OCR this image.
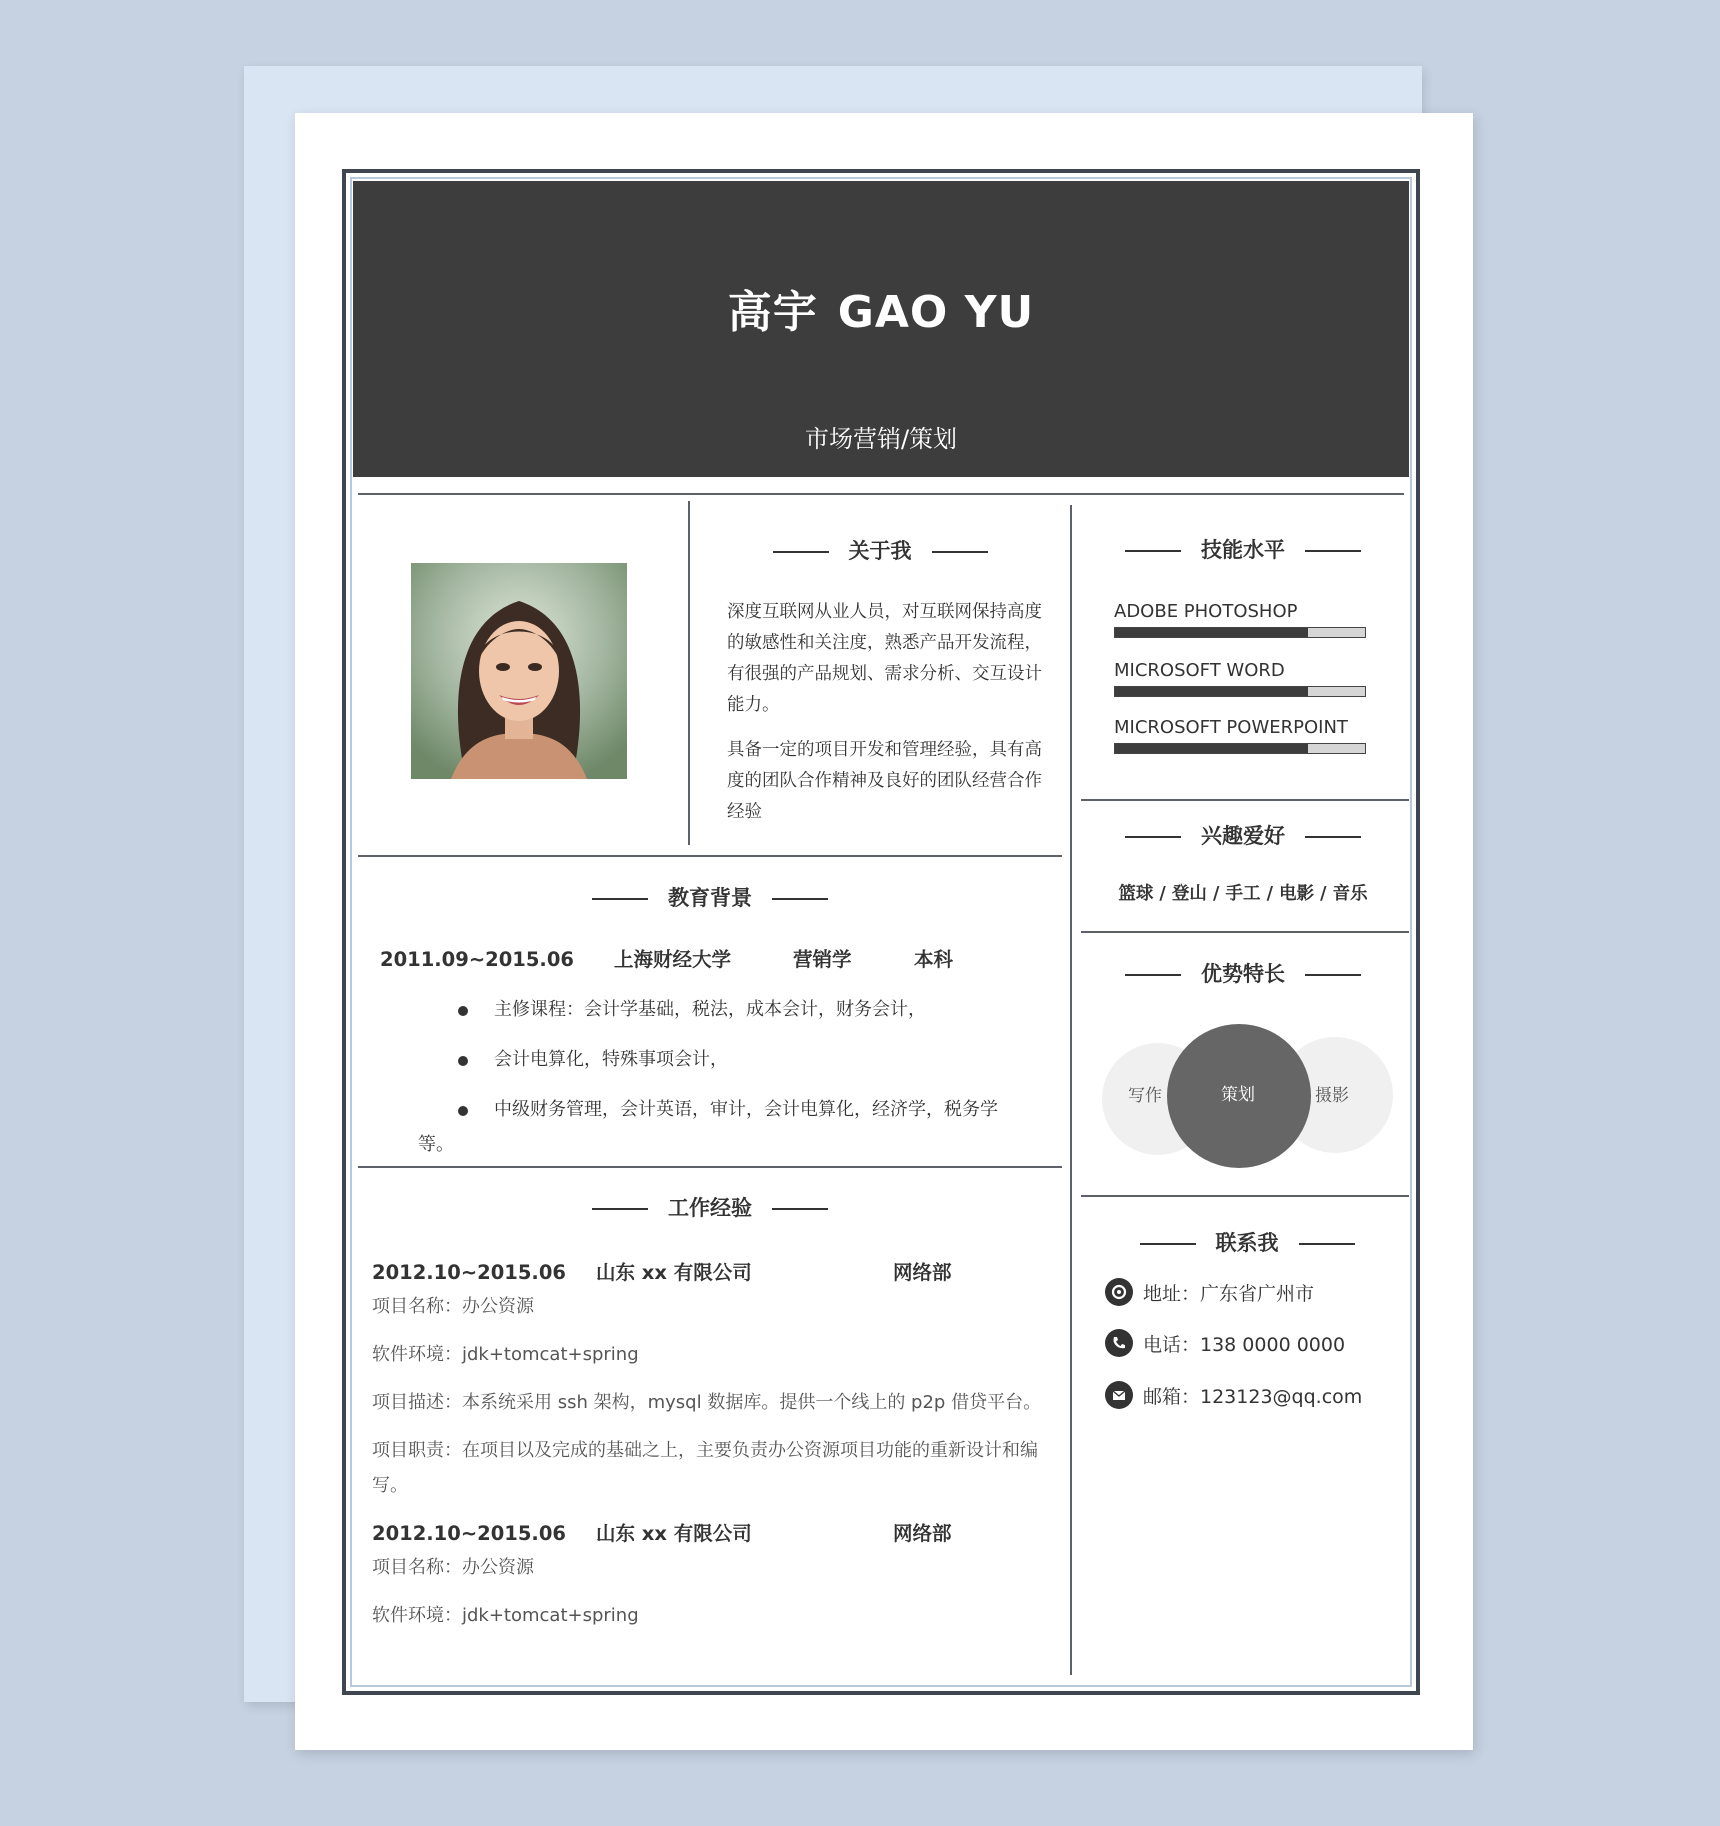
高宇 GAO YU
市场营销/策划
关于我

深度互联网从业人员，对互联网保持高度的敏感性和关注度，熟悉产品开发流程，有很强的产品规划、需求分析、交互设计能力。

具备一定的项目开发和管理经验，具有高度的团队合作精神及良好的团队经营合作经验

技能水平
ADOBE PHOTOSHOP
MICROSOFT WORD
MICROSOFT POWERPOINT
兴趣爱好
篮球 / 登山 / 手工 / 电影 / 音乐
优势特长
写作	策划	摄影
联系我
地址：广东省广州市
电话：138 0000 0000
邮箱：123123@qq.com
教育背景
2011.09~2015.06 上海财经大学	营销学	本科
主修课程：会计学基础，税法，成本会计，财务会计，
会计电算化，特殊事项会计，
中级财务管理，会计英语，审计，会计电算化，经济学，税务学
等。
工作经验
2012.10~2015.06 山东 xx 有限公司	网络部
项目名称：办公资源
软件环境：jdk+tomcat+spring
项目描述：本系统采用 ssh 架构，mysql 数据库。提供一个线上的 p2p 借贷平台。
项目职责：在项目以及完成的基础之上，主要负责办公资源项目功能的重新设计和编
写。
2012.10~2015.06 山东 xx 有限公司	网络部
项目名称：办公资源
软件环境：jdk+tomcat+spring
